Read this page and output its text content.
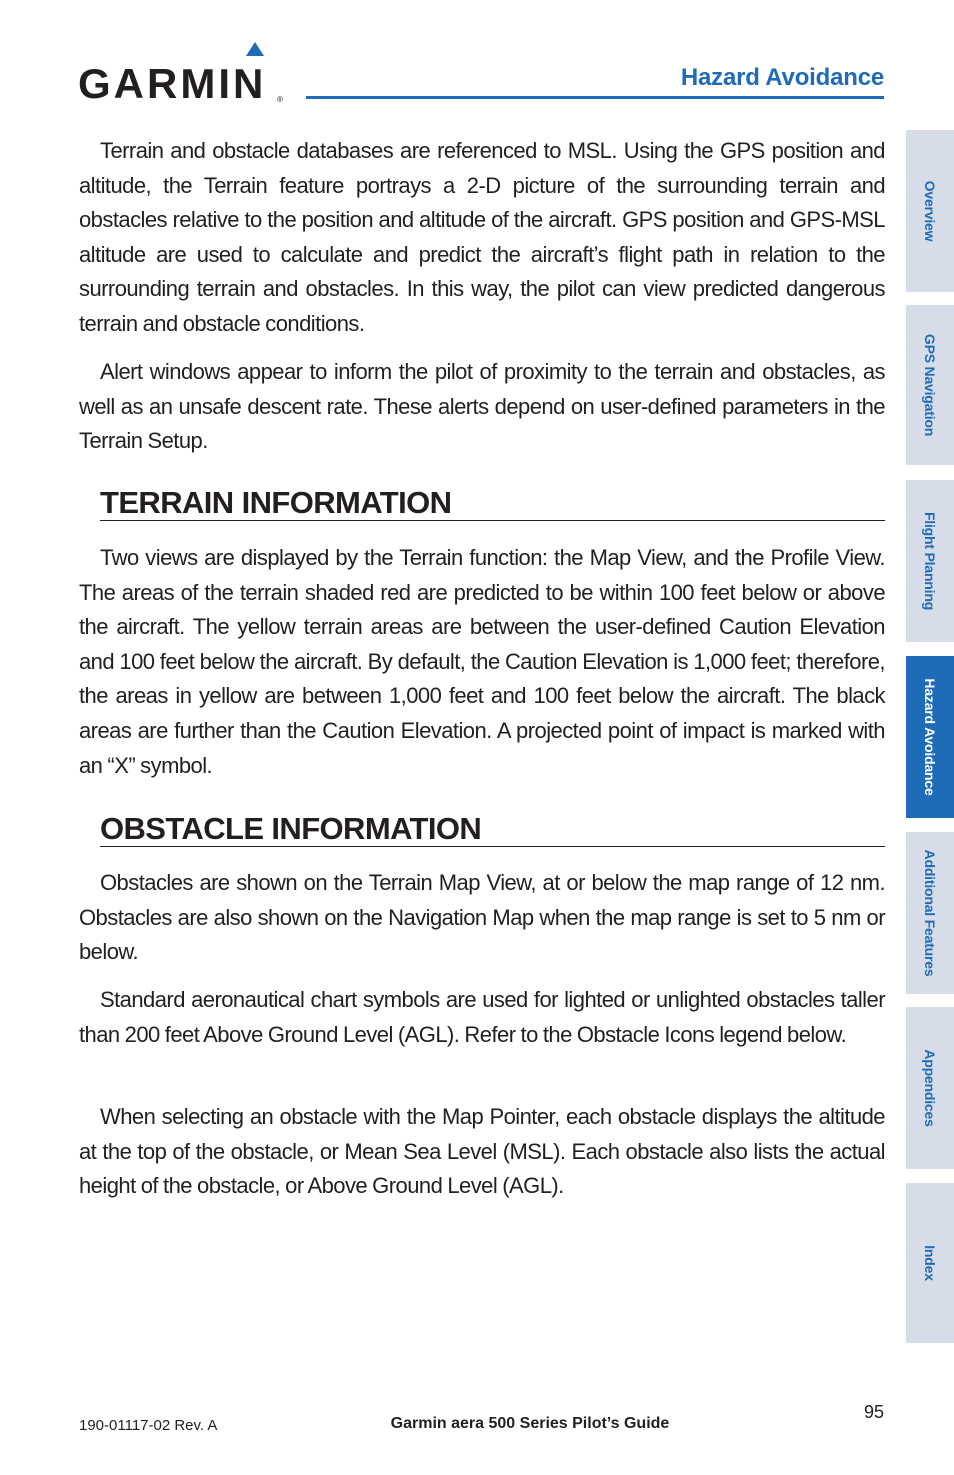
GARMIN ®
Hazard Avoidance

Terrain and obstacle databases are referenced to MSL. Using the GPS position and altitude, the Terrain feature portrays a 2-D picture of the surrounding terrain and obstacles relative to the position and altitude of the aircraft. GPS position and GPS-MSL altitude are used to calculate and predict the aircraft’s flight path in relation to the surrounding terrain and obstacles. In this way, the pilot can view predicted dangerous terrain and obstacle conditions.

Alert windows appear to inform the pilot of proximity to the terrain and obstacles, as well as an unsafe descent rate. These alerts depend on user-defined parameters in the Terrain Setup.

TERRAIN INFORMATION

Two views are displayed by the Terrain function: the Map View, and the Profile View. The areas of the terrain shaded red are predicted to be within 100 feet below or above the aircraft. The yellow terrain areas are between the user-defined Caution Elevation and 100 feet below the aircraft. By default, the Caution Elevation is 1,000 feet; therefore, the areas in yellow are between 1,000 feet and 100 feet below the aircraft. The black areas are further than the Caution Elevation. A projected point of impact is marked with an “X” symbol.

OBSTACLE INFORMATION

Obstacles are shown on the Terrain Map View, at or below the map range of 12 nm. Obstacles are also shown on the Navigation Map when the map range is set to 5 nm or below.

Standard aeronautical chart symbols are used for lighted or unlighted obstacles taller than 200 feet Above Ground Level (AGL). Refer to the Obstacle Icons legend below.

When selecting an obstacle with the Map Pointer, each obstacle displays the altitude at the top of the obstacle, or Mean Sea Level (MSL). Each obstacle also lists the actual height of the obstacle, or Above Ground Level (AGL).

Overview
GPS Navigation
Flight Planning
Hazard Avoidance
Additional Features
Appendices
Index
95
190-01117-02 Rev. A	Garmin aera 500 Series Pilot’s Guide
